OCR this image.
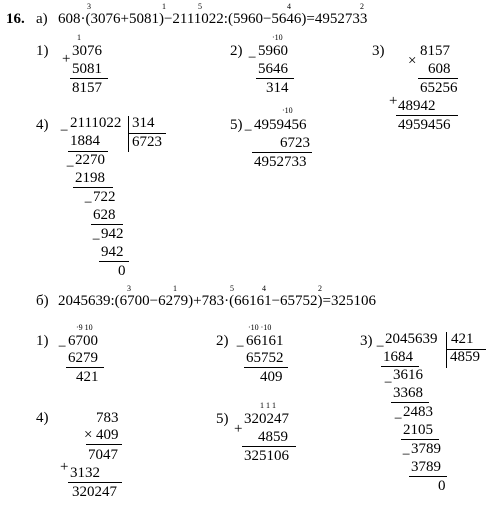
16. а) 608·(3076+5081)−2111022:(5960−5646)=4952733
3	1	5	4	2
1)
1
+ 3076
5081
8157
2)
·10
− 5960
5646
314
3)
×
8157
608
65256
+ 48942
4959456
4) − 2111022 314
6723
1884
− 2270
2198
− 722
628
− 942
942
0
5)
·10
− 4959456
6723
4952733
б) 2045639:(6700−6279)+783·(66161−65752)=325106
3	1	5	4	2
1)
·9 10
− 6700
6279
421
2)
·10 ·10
− 66161
65752
409
3) − 2045639 421
4859
1684
− 3616
3368
− 2483
2105
− 3789
3789
0
4)
×
783
409
7047
+ 3132
320247
5)
1 1 1
+
320247
4859
325106
